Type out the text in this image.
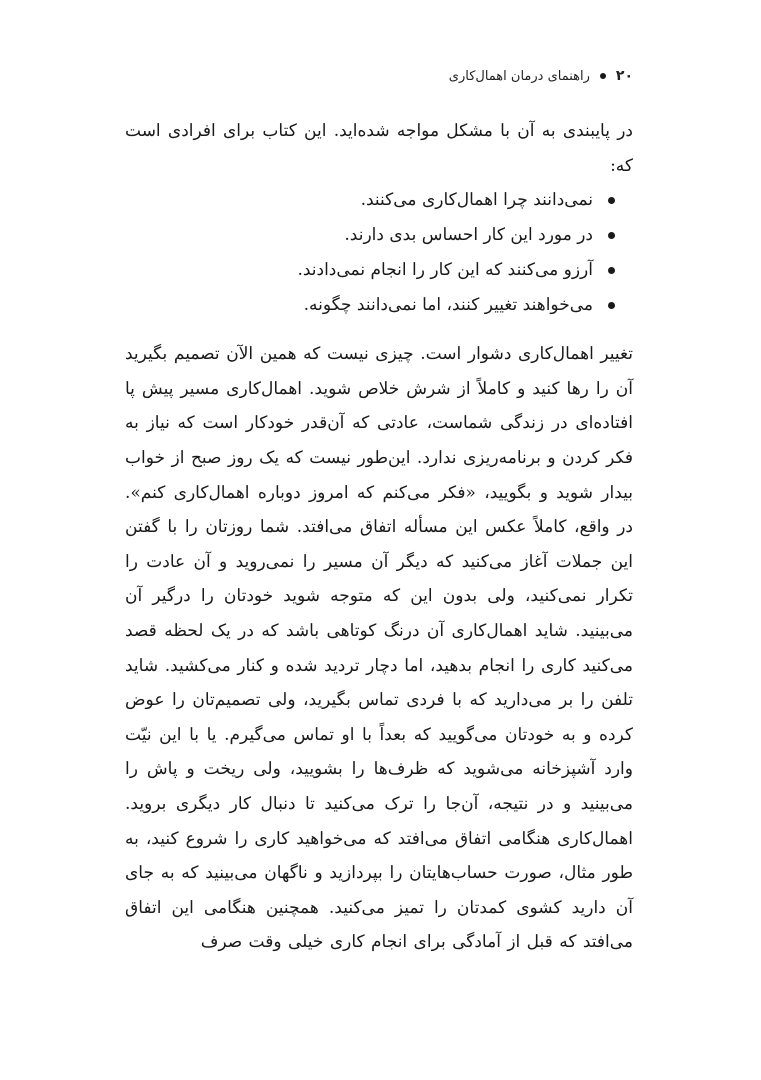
۲۰
راهنمای درمان اهمال‌کاری

در پایبندی به آن با مشکل مواجه شده‌اید. این کتاب برای افرادی است که:

نمی‌دانند چرا اهمال‌کاری می‌کنند.
در مورد این کار احساس بدی دارند.
آرزو می‌کنند که این کار را انجام نمی‌دادند.
می‌خواهند تغییر کنند، اما نمی‌دانند چگونه.

تغییر اهمال‌کاری دشوار است. چیزی نیست که همین الآن تصمیم بگیرید آن را رها کنید و کاملاً از شرش خلاص شوید. اهمال‌کاری مسیر پیش پا افتاده‌ای در زندگی شماست، عادتی که آن‌قدر خودکار است که نیاز به فکر کردن و برنامه‌ریزی ندارد. این‌طور نیست که یک روز صبح از خواب بیدار شوید و بگویید، «فکر می‌کنم که امروز دوباره اهمال‌کاری کنم». در واقع، کاملاً عکس این مسأله اتفاق می‌افتد. شما روزتان را با گفتن این جملات آغاز می‌کنید که دیگر آن مسیر را نمی‌روید و آن عادت را تکرار نمی‌کنید، ولی بدون این که متوجه شوید خودتان را درگیر آن می‌بینید. شاید اهمال‌کاری آن درنگ کوتاهی باشد که در یک لحظه قصد می‌کنید کاری را انجام بدهید، اما دچار تردید شده و کنار می‌کشید. شاید تلفن را بر می‌دارید که با فردی تماس بگیرید، ولی تصمیم‌تان را عوض کرده و به خودتان می‌گویید که بعداً با او تماس می‌گیرم. یا با این نیّت وارد آشپزخانه می‌شوید که ظرف‌ها را بشویید، ولی ریخت و پاش را می‌بینید و در نتیجه، آن‌جا را ترک می‌کنید تا دنبال کار دیگری بروید. اهمال‌کاری هنگامی اتفاق می‌افتد که می‌خواهید کاری را شروع کنید، به طور مثال، صورت حساب‌هایتان را بپردازید و ناگهان می‌بینید که به جای آن دارید کشوی کمدتان را تمیز می‌کنید. همچنین هنگامی این اتفاق می‌افتد که قبل از آمادگی برای انجام کاری خیلی وقت صرف
